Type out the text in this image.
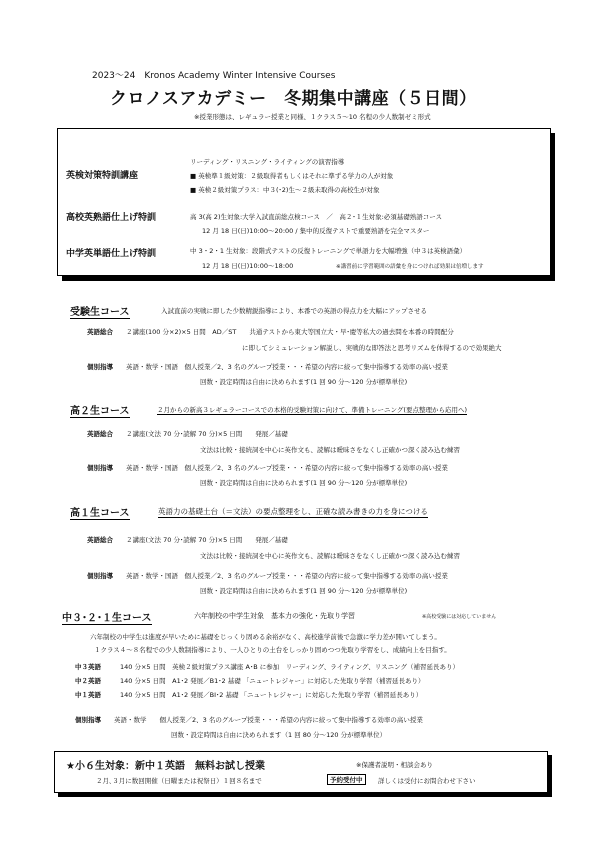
2023～24　Kronos Academy Winter Intensive Courses
クロノスアカデミー　冬期集中講座（５日間）
※授業形態は、レギュラー授業と同様、１クラス５～10 名程の少人数制ゼミ形式
英検対策特訓講座
リーディング・リスニング・ライティングの演習指導
■ 英検準１級対策：２級取得者もしくはそれに準ずる学力の人が対象
■ 英検２級対策プラス：中３(･2)生～２級未取得の高校生が対象
高校英熟語仕上げ特訓	高 3(高 2)生対象:大学入試直前総点検コース　／　高２･１生対象:必須基礎熟語コース
12 月 18 日(日)10:00～20:00 / 集中的反復テストで重要熟語を完全マスター
中学英単語仕上げ特訓	中 3・2・1 生対象：段階式テストの反復トレーニングで単語力を大幅増強（中３は英検語彙）
12 月 18 日(日)10:00～18:00	※講習前に学習範囲の語彙を身につければ効果は倍増します
受験生コース	入試直前の実戦に即した少数精鋭指導により、本番での英語の得点力を大幅にアップさせる
英語総合 ２講座(100 分×2)×5 日間　AD／ST　　共通テストから東大等国立大・早･慶等私大の過去問を本番の時間配分
に即してシミュレーション解説し、実戦的な即答法と思考リズムを体得するので効果絶大
個別指導 英語・数学・国語　個人授業／2、3 名のグループ授業・・・希望の内容に絞って集中指導する効率の高い授業
回数・設定時間は自由に決められます(1 回 90 分～120 分が標準単位)
高２生コース	２月からの新高３レギュラーコースでの本格的受験対策に向けて、準備トレーニング(要点整理から応用へ)
英語総合 ２講座(文法 70 分･読解 70 分)×5 日間　　発展／基礎
文法は比較・接続詞を中心に英作文も、読解は曖昧さをなくし正確かつ深く読み込む練習
個別指導 英語・数学・国語　個人授業／2、3 名のグループ授業・・・希望の内容に絞って集中指導する効率の高い授業
回数・設定時間は自由に決められます(1 回 90 分～120 分が標準単位)
高１生コース	英語力の基礎土台（＝文法）の要点整理をし、正確な読み書きの力を身につける
英語総合 ２講座(文法 70 分･読解 70 分)×5 日間　　発展／基礎
文法は比較・接続詞を中心に英作文も、読解は曖昧さをなくし正確かつ深く読み込む練習
個別指導 英語・数学・国語　個人授業／2、3 名のグループ授業・・・希望の内容に絞って集中指導する効率の高い授業
回数・設定時間は自由に決められます(1 回 90 分～120 分が標準単位)
中３･２･１生コース	六年制校の中学生対象　基本力の強化・先取り学習	※高校受験には対応していません
六年制校の中学生は進度が早いために基礎をじっくり固める余裕がなく、高校進学前後で急激に学力差が開いてしまう。
１クラス４～８名程での少人数制指導により、一人ひとりの土台をしっかり固めつつ先取り学習をし、成績向上を目指す。
中３英語	140 分×5 日間　英検２級対策プラス講座 A･B に参加　リーディング、ライティング、リスニング（補習延長あり）
中２英語	140 分×5 日間　A1･2 発展／B1･2 基礎 「ニュートレジャー」に対応した先取り学習（補習延長あり）
中１英語	140 分×5 日間　A1･2 発展／BI･2 基礎 「ニュートレジャー」に対応した先取り学習（補習延長あり）
個別指導 英語・数学　　個人授業／2、3 名のグループ授業・・・希望の内容に絞って集中指導する効率の高い授業
回数・設定時間は自由に決められます（1 回 80 分～120 分が標準単位）
★小６生対象：新中１英語　無料お試し授業	※保護者説明・相談会あり
２月､３月に数回開催（日曜または祝祭日）１回８名まで	予約受付中	詳しくは受付にお問合わせ下さい
